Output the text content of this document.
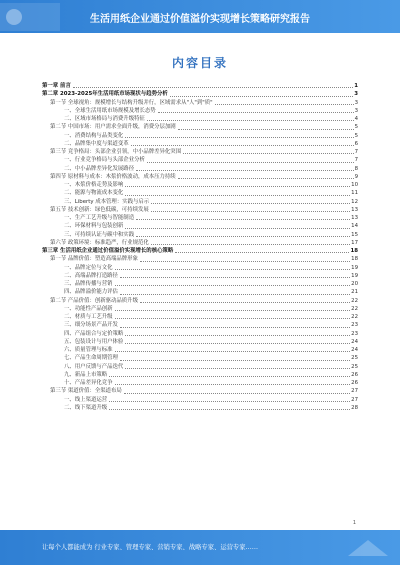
生活用纸企业通过价值溢价实现增长策略研究报告
内容目录
第一章 前言	1
第二章 2023-2025年生活用纸市场现状与趋势分析	3
第一节 全球视角：规模增长与结构升级并行，区域需求从"人"到"质"	3
一、全球生活用纸市场规模及增长态势	3
二、区域市场格局与消费升级特征	4
第二节 中国市场：用户需求全面升级，消费分层加剧	5
一、消费结构与品类变化	5
二、品牌集中度与渠道变革	6
第三节 竞争格局：头部企业引领，中小品牌差异化突围	7
一、行业竞争格局与头部企业分析	7
二、中小品牌差异化发展路径	8
第四节 原材料与成本：木浆价格波动，成本压力持续	9
一、木浆价格走势及影响	10
二、能源与物流成本变化	11
三、Liberty 成本管理：实践与启示	12
第五节 技术创新：绿色低碳，可持续发展	13
一、生产工艺升级与智能制造	13
二、环保材料与包装创新	14
三、可持续认证与碳中和实践	15
第六节 政策环境：标准趋严，行业规范化	17
第三章 生活用纸企业通过价值溢价实现增长的核心策略	18
第一节 品牌价值：塑造高端品牌形象	18
一、品牌定位与文化	19
二、高端品牌打造路径	19
三、品牌传播与营销	20
四、品牌溢价能力评估	21
第二节 产品价值：创新驱动品质升级	22
一、功能性产品创新	22
二、材质与工艺升级	22
三、细分场景产品开发	23
四、产品组合与定价策略	23
五、包装设计与用户体验	24
六、质量管理与标准	24
七、产品生命周期管理	25
八、用户反馈与产品迭代	25
九、新品上市策略	26
十、产品差异化竞争	26
第三节 渠道价值：全渠道布局	27
一、线上渠道运营	27
二、线下渠道升级	28
1
让每个人都能成为 行业专家、管理专家、营销专家、战略专家、运营专家……
